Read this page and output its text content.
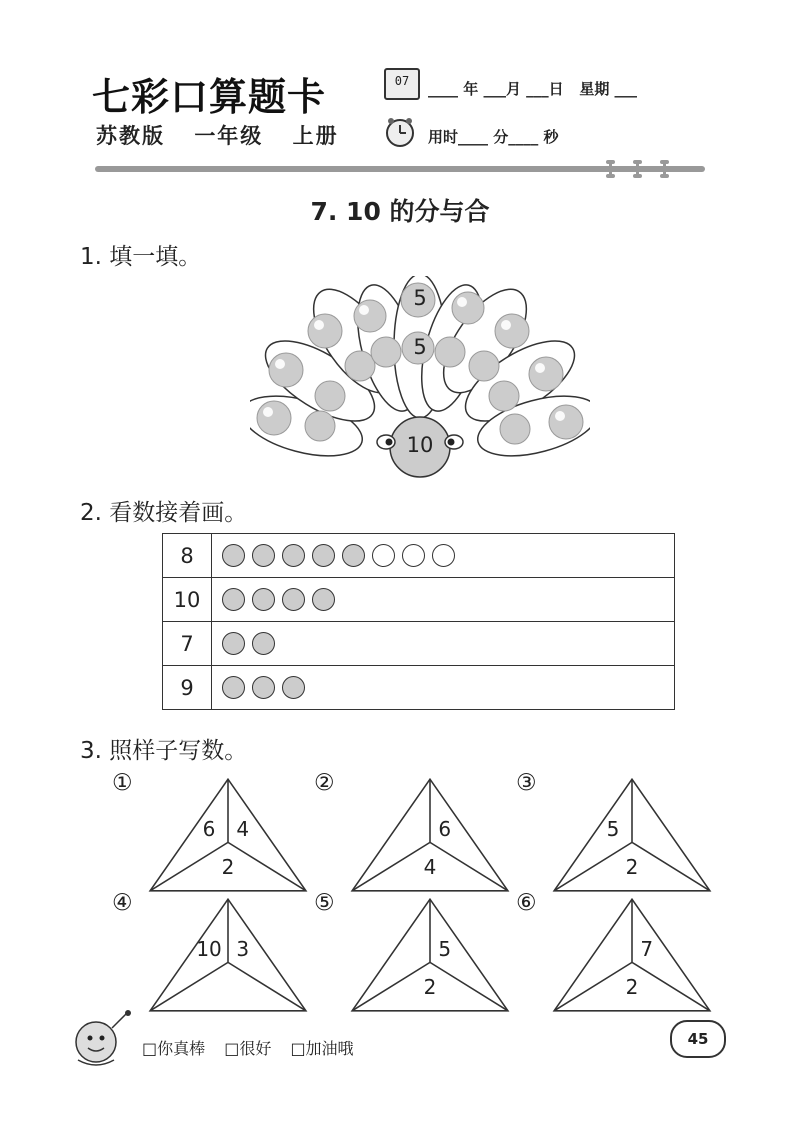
七彩口算题卡
苏教版 一年级 上册
07	____ 年 ___月 ___日   星期 ___
用时____ 分____ 秒
7. 10 的分与合
1. 填一填。
5
5
10
2. 看数接着画。
8	
10	
7	
9	
3. 照样子写数。
①
6 4
2
②
6
4
③
5
2
④
10 3
⑤
5
2
⑥
7
2
□你真棒 □很好 □加油哦	45
